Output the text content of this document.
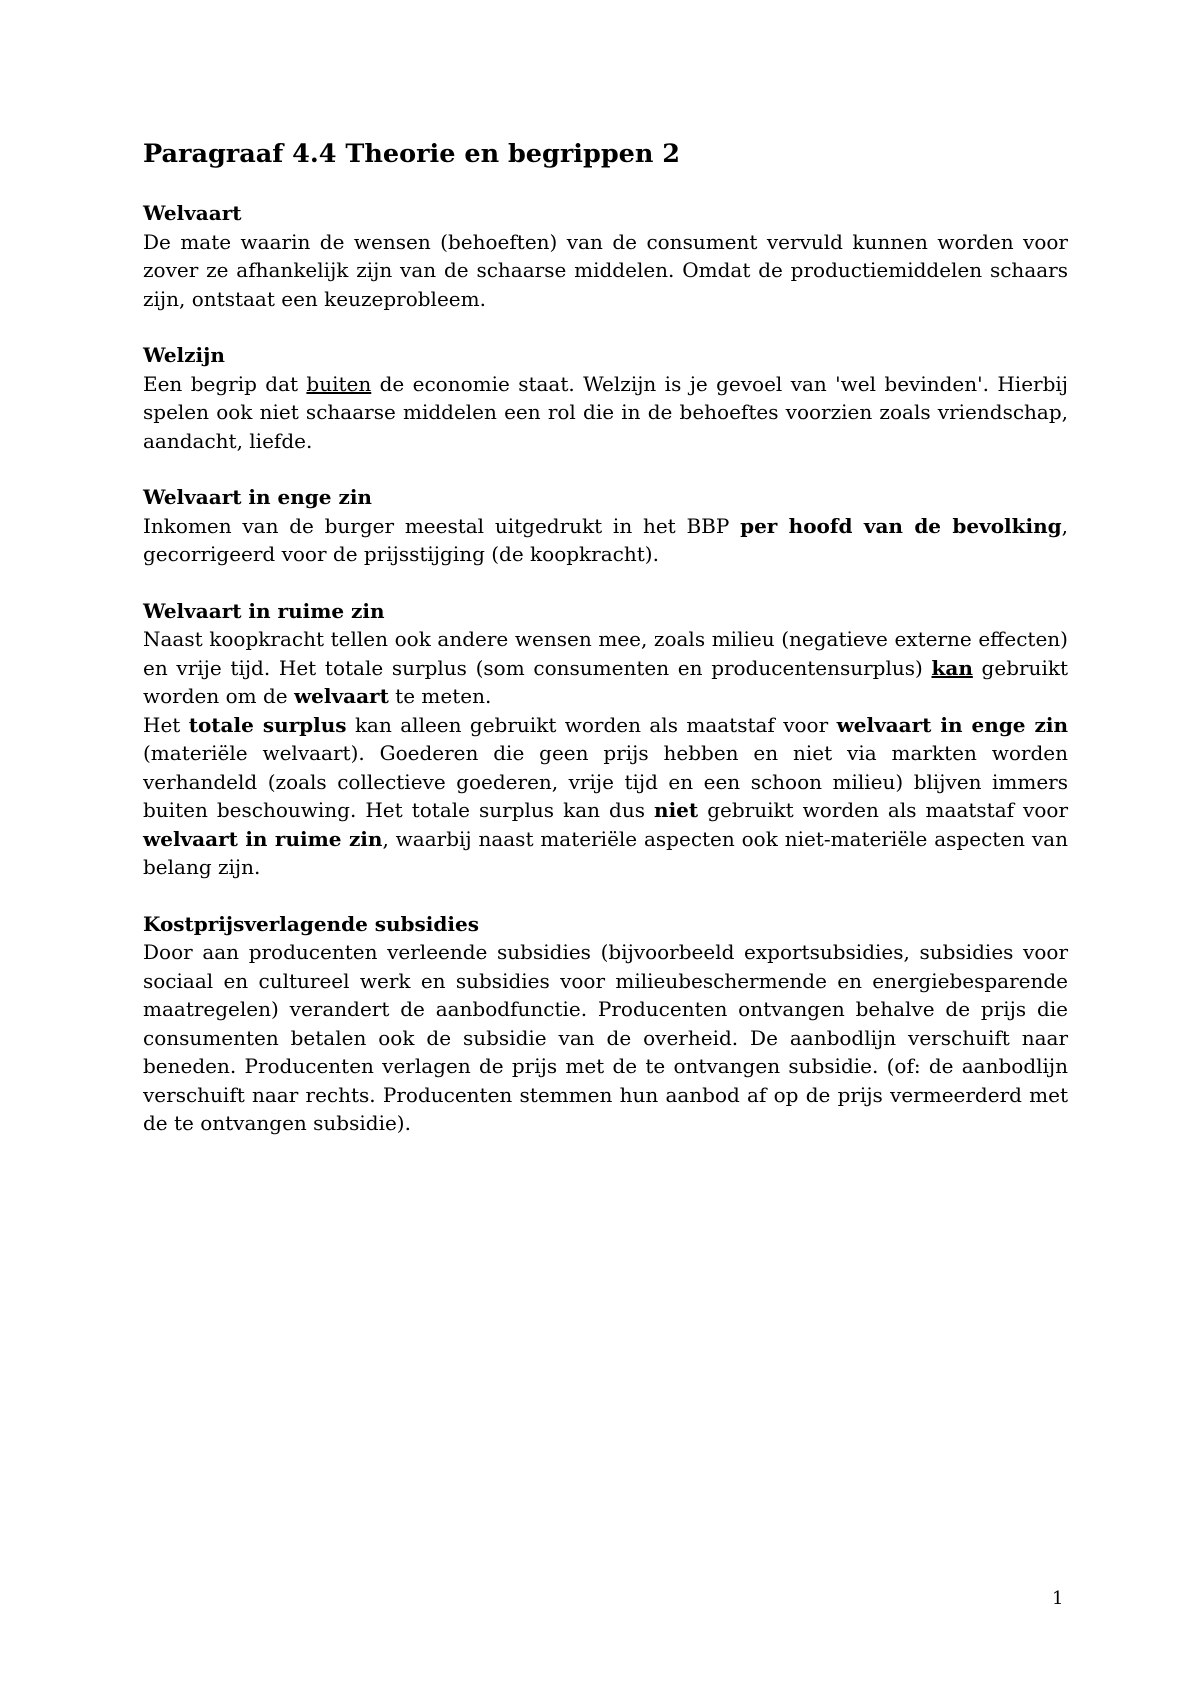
Paragraaf 4.4 Theorie en begrippen 2
Welvaart

De mate waarin de wensen (behoeften) van de consument vervuld kunnen worden voor zover ze afhankelijk zijn van de schaarse middelen. Omdat de productiemiddelen schaars zijn, ontstaat een keuzeprobleem.

Welzijn

Een begrip dat buiten de economie staat. Welzijn is je gevoel van 'wel bevinden'. Hierbij spelen ook niet schaarse middelen een rol die in de behoeftes voorzien zoals vriendschap, aandacht, liefde.

Welvaart in enge zin

Inkomen van de burger meestal uitgedrukt in het BBP per hoofd van de bevolking, gecorrigeerd voor de prijsstijging (de koopkracht).

Welvaart in ruime zin

Naast koopkracht tellen ook andere wensen mee, zoals milieu (negatieve externe effecten) en vrije tijd. Het totale surplus (som consumenten en producentensurplus) kan gebruikt worden om de welvaart te meten.

Het totale surplus kan alleen gebruikt worden als maatstaf voor welvaart in enge zin (materiële welvaart). Goederen die geen prijs hebben en niet via markten worden verhandeld (zoals collectieve goederen, vrije tijd en een schoon milieu) blijven immers buiten beschouwing. Het totale surplus kan dus niet gebruikt worden als maatstaf voor welvaart in ruime zin, waarbij naast materiële aspecten ook niet-materiële aspecten van belang zijn.

Kostprijsverlagende subsidies

Door aan producenten verleende subsidies (bijvoorbeeld exportsubsidies, subsidies voor sociaal en cultureel werk en subsidies voor milieubeschermende en energiebesparende maatregelen) verandert de aanbodfunctie. Producenten ontvangen behalve de prijs die consumenten betalen ook de subsidie van de overheid. De aanbodlijn verschuift naar beneden. Producenten verlagen de prijs met de te ontvangen subsidie. (of: de aanbodlijn verschuift naar rechts. Producenten stemmen hun aanbod af op de prijs vermeerderd met de te ontvangen subsidie).

1
